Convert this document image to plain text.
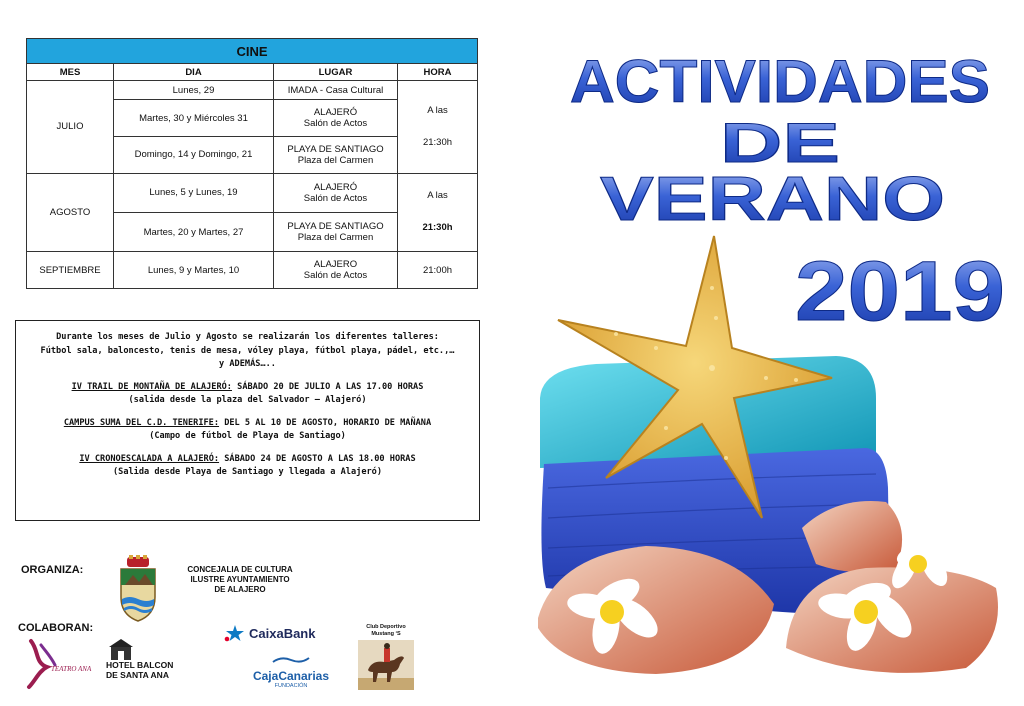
CINE			
MES	DIA	LUGAR	HORA
JULIO	Lunes, 29	IMADA - Casa Cultural	A las

21:30h
	Martes, 30 y Miércoles 31	ALAJERÓ
Salón de Actos	
	Domingo, 14 y Domingo, 21	PLAYA DE SANTIAGO
Plaza del Carmen	
AGOSTO	Lunes, 5 y Lunes, 19	ALAJERÓ
Salón de Actos	A las

21:30h
	Martes, 20 y Martes, 27	PLAYA DE SANTIAGO
Plaza del Carmen	
SEPTIEMBRE	Lunes, 9 y Martes, 10	ALAJERO
Salón de Actos	21:00h
Durante los meses de Julio y Agosto se realizarán los diferentes talleres:
Fútbol sala, baloncesto, tenis de mesa, vóley playa, fútbol playa, pádel, etc.,…
y ADEMÁS…..
IV TRAIL DE MONTAÑA DE ALAJERÓ: SÁBADO 20 DE JULIO A LAS 17.00 HORAS
(salida desde la plaza del Salvador – Alajeró)
CAMPUS SUMA DEL C.D. TENERIFE: DEL 5 AL 10 DE AGOSTO, HORARIO DE MAÑANA
(Campo de fútbol de Playa de Santiago)
IV CRONOESCALADA A ALAJERÓ: SÁBADO 24 DE AGOSTO A LAS 18.00 HORAS
(Salida desde Playa de Santiago y llegada a Alajeró)
ORGANIZA:	CONCEJALIA DE CULTURA
ILUSTRE AYUNTAMIENTO
DE ALAJERO
COLABORAN:
TEATRO ANA HOTEL BALCON
DE SANTA ANA
CaixaBank
CajaCanarias
FUNDACIÓN
Club Deportivo Mustang ‘S
ACTIVIDADES
DE
VERANO
2019
